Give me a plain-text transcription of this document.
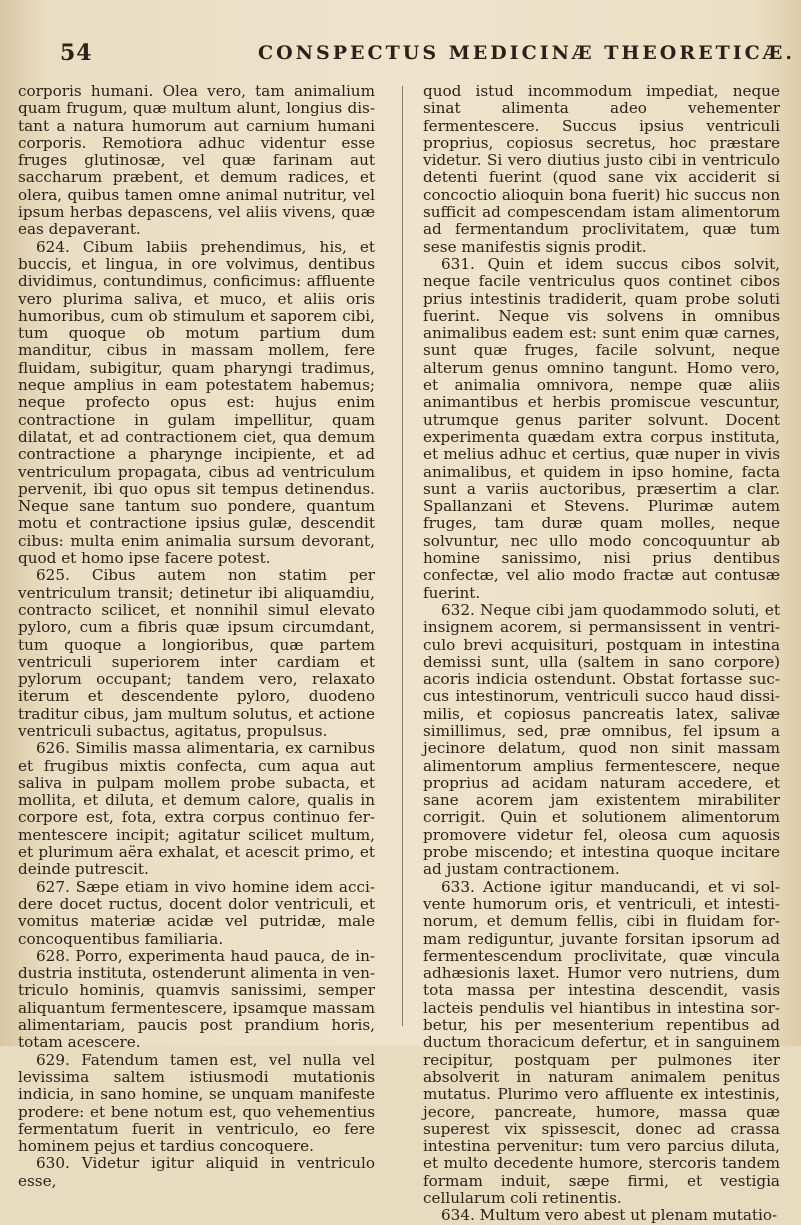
54	CONSPECTUS MEDICINÆ THEORETICÆ.

corporis humani. Olea vero, tam animalium quam frugum, quæ multum alunt, longius distant a natura humorum aut carnium humani corporis. Remotiora adhuc videntur esse fruges glutinosæ, vel quæ farinam aut saccharum præbent, et demum radices, et olera, quibus tamen omne animal nutritur, vel ipsum herbas depascens, vel aliis vivens, quæ eas depaverant.

624. Cibum labiis prehendimus, his, et buccis, et lingua, in ore volvimus, dentibus dividimus, contundimus, conficimus: affluente vero plurima saliva, et muco, et aliis oris humoribus, cum ob stimulum et saporem cibi, tum quoque ob motum partium dum manditur, cibus in massam mollem, fere fluidam, subigitur, quam pharyngi tradimus, neque amplius in eam potestatem habemus; neque profecto opus est: hujus enim contractione in gulam impellitur, quam dilatat, et ad contractionem ciet, qua demum contractione a pharynge incipiente, et ad ventriculum propagata, cibus ad ventriculum pervenit, ibi quo opus sit tempus detinendus. Neque sane tantum suo pondere, quantum motu et contractione ipsius gulæ, descendit cibus: multa enim animalia sursum devorant, quod et homo ipse facere potest.

625. Cibus autem non statim per ventriculum transit; detinetur ibi aliquamdiu, contracto scilicet, et nonnihil simul elevato pyloro, cum a fibris quæ ipsum circumdant, tum quoque a longioribus, quæ partem ventriculi superiorem inter cardiam et pylorum occupant; tandem vero, relaxato iterum et descendente pyloro, duodeno traditur cibus, jam multum solutus, et actione ventriculi subactus, agitatus, propulsus.

626. Similis massa alimentaria, ex carnibus et frugibus mixtis confecta, cum aqua aut saliva in pulpam mollem probe subacta, et mollita, et diluta, et demum calore, qualis in corpore est, fota, extra corpus continuo fermentescere incipit; agitatur scilicet multum, et plurimum aëra exhalat, et acescit primo, et deinde putrescit.

627. Sæpe etiam in vivo homine idem accidere docet ructus, docent dolor ventriculi, et vomitus materiæ acidæ vel putridæ, male concoquentibus familiaria.

628. Porro, experimenta haud pauca, de industria instituta, ostenderunt alimenta in ventriculo hominis, quamvis sanissimi, semper aliquantum fermentescere, ipsamque massam alimentariam, paucis post prandium horis, totam acescere.

629. Fatendum tamen est, vel nulla vel levissima saltem istiusmodi mutationis indicia, in sano homine, se unquam manifeste prodere: et bene notum est, quo vehementius fermentatum fuerit in ventriculo, eo fere hominem pejus et tardius concoquere.

630. Videtur igitur aliquid in ventriculo esse,

quod istud incommodum impediat, neque sinat alimenta adeo vehementer fermentescere. Succus ipsius ventriculi proprius, copiosus secretus, hoc præstare videtur. Si vero diutius justo cibi in ventriculo detenti fuerint (quod sane vix acciderit si concoctio alioquin bona fuerit) hic succus non sufficit ad compescendam istam alimentorum ad fermentandum proclivitatem, quæ tum sese manifestis signis prodit.

631. Quin et idem succus cibos solvit, neque facile ventriculus quos continet cibos prius intestinis tradiderit, quam probe soluti fuerint. Neque vis solvens in omnibus animalibus eadem est: sunt enim quæ carnes, sunt quæ fruges, facile solvunt, neque alterum genus omnino tangunt. Homo vero, et animalia omnivora, nempe quæ aliis animantibus et herbis promiscue vescuntur, utrumque genus pariter solvunt. Docent experimenta quædam extra corpus instituta, et melius adhuc et certius, quæ nuper in vivis animalibus, et quidem in ipso homine, facta sunt a variis auctoribus, præsertim a clar. Spallanzani et Stevens. Plurimæ autem fruges, tam duræ quam molles, neque solvuntur, nec ullo modo concoquuntur ab homine sanissimo, nisi prius dentibus confectæ, vel alio modo fractæ aut contusæ fuerint.

632. Neque cibi jam quodammodo soluti, et insignem acorem, si permansissent in ventriculo brevi acquisituri, postquam in intestina demissi sunt, ulla (saltem in sano corpore) acoris indicia ostendunt. Obstat fortasse succus intestinorum, ventriculi succo haud dissimilis, et copiosus pancreatis latex, salivæ simillimus, sed, præ omnibus, fel ipsum a jecinore delatum, quod non sinit massam alimentorum amplius fermentescere, neque proprius ad acidam naturam accedere, et sane acorem jam existentem mirabiliter corrigit. Quin et solutionem alimentorum promovere videtur fel, oleosa cum aquosis probe miscendo; et intestina quoque incitare ad justam contractionem.

633. Actione igitur manducandi, et vi solvente humorum oris, et ventriculi, et intestinorum, et demum fellis, cibi in fluidam formam rediguntur, juvante forsitan ipsorum ad fermentescendum proclivitate, quæ vincula adhæsionis laxet. Humor vero nutriens, dum tota massa per intestina descendit, vasis lacteis pendulis vel hiantibus in intestina sorbetur, his per mesenterium repentibus ad ductum thoracicum defertur, et in sanguinem recipitur, postquam per pulmones iter absolverit in naturam animalem penitus mutatus. Plurimo vero affluente ex intestinis, jecore, pancreate, humore, massa quæ superest vix spissescit, donec ad crassa intestina pervenitur: tum vero parcius diluta, et multo decedente humore, stercoris tandem formam induit, sæpe firmi, et vestigia cellularum coli retinentis.

634. Multum vero abest ut plenam mutatio-
